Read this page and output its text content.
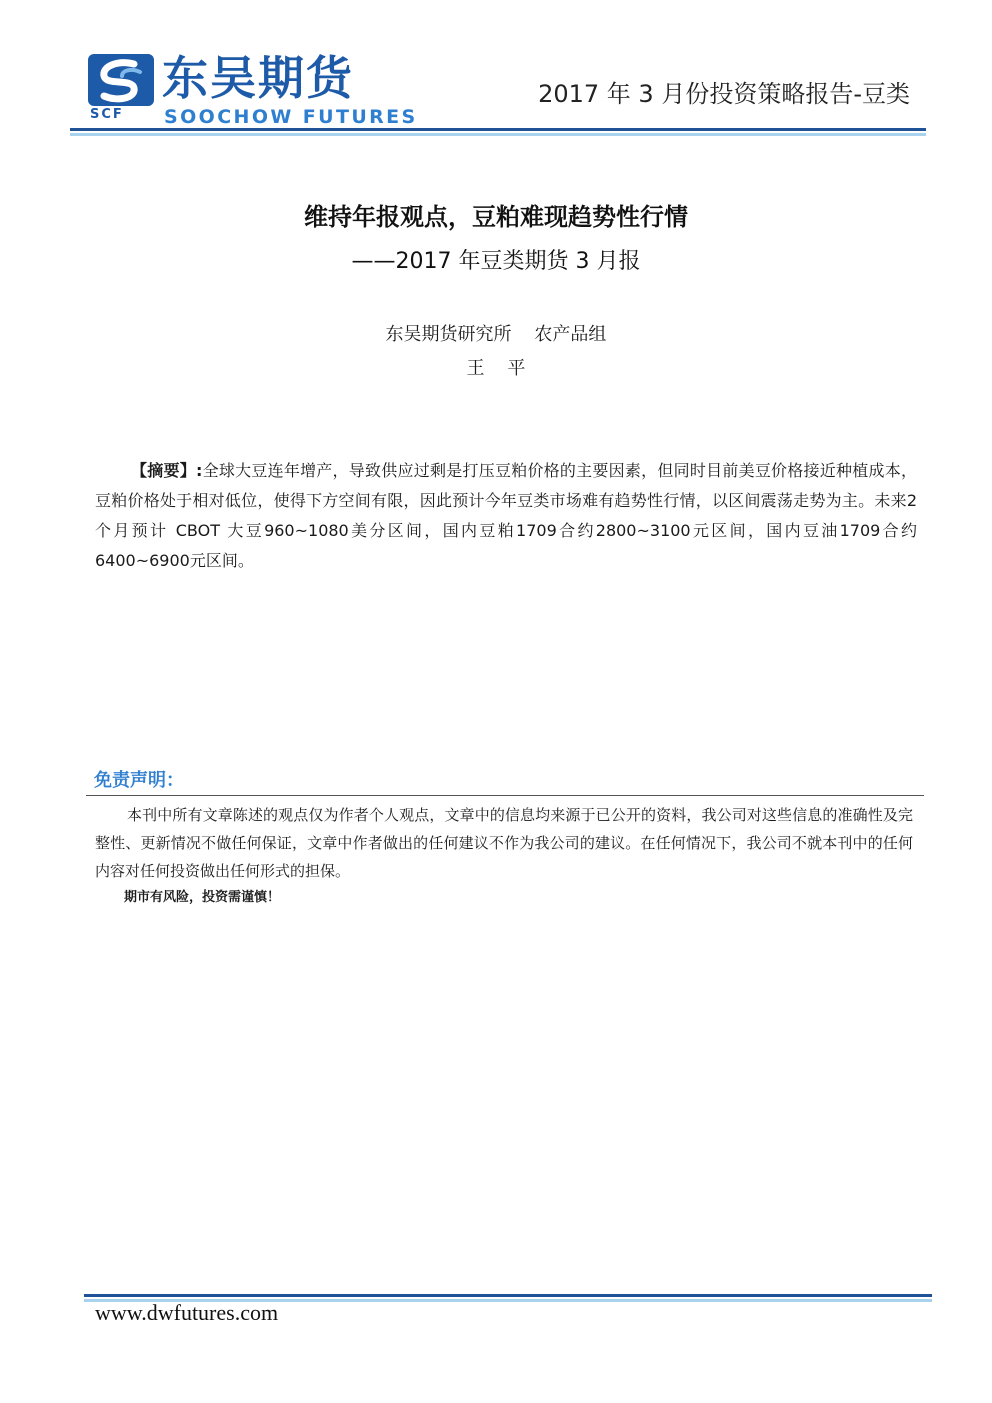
SCF
东吴期货
SOOCHOW FUTURES
2017 年 3 月份投资策略报告-豆类
维持年报观点，豆粕难现趋势性行情
——2017 年豆类期货 3 月报
东吴期货研究所    农产品组
王    平
【摘要】:全球大豆连年增产，导致供应过剩是打压豆粕价格的主要因素，但同时目前美豆价格接近种植成本，豆粕价格处于相对低位，使得下方空间有限，因此预计今年豆类市场难有趋势性行情，以区间震荡走势为主。未来2个月预计 CBOT 大豆960~1080美分区间，国内豆粕1709合约2800~3100元区间，国内豆油1709合约6400~6900元区间。
免责声明：
本刊中所有文章陈述的观点仅为作者个人观点，文章中的信息均来源于已公开的资料，我公司对这些信息的准确性及完整性、更新情况不做任何保证，文章中作者做出的任何建议不作为我公司的建议。在任何情况下，我公司不就本刊中的任何内容对任何投资做出任何形式的担保。
期市有风险，投资需谨慎！
www.dwfutures.com
